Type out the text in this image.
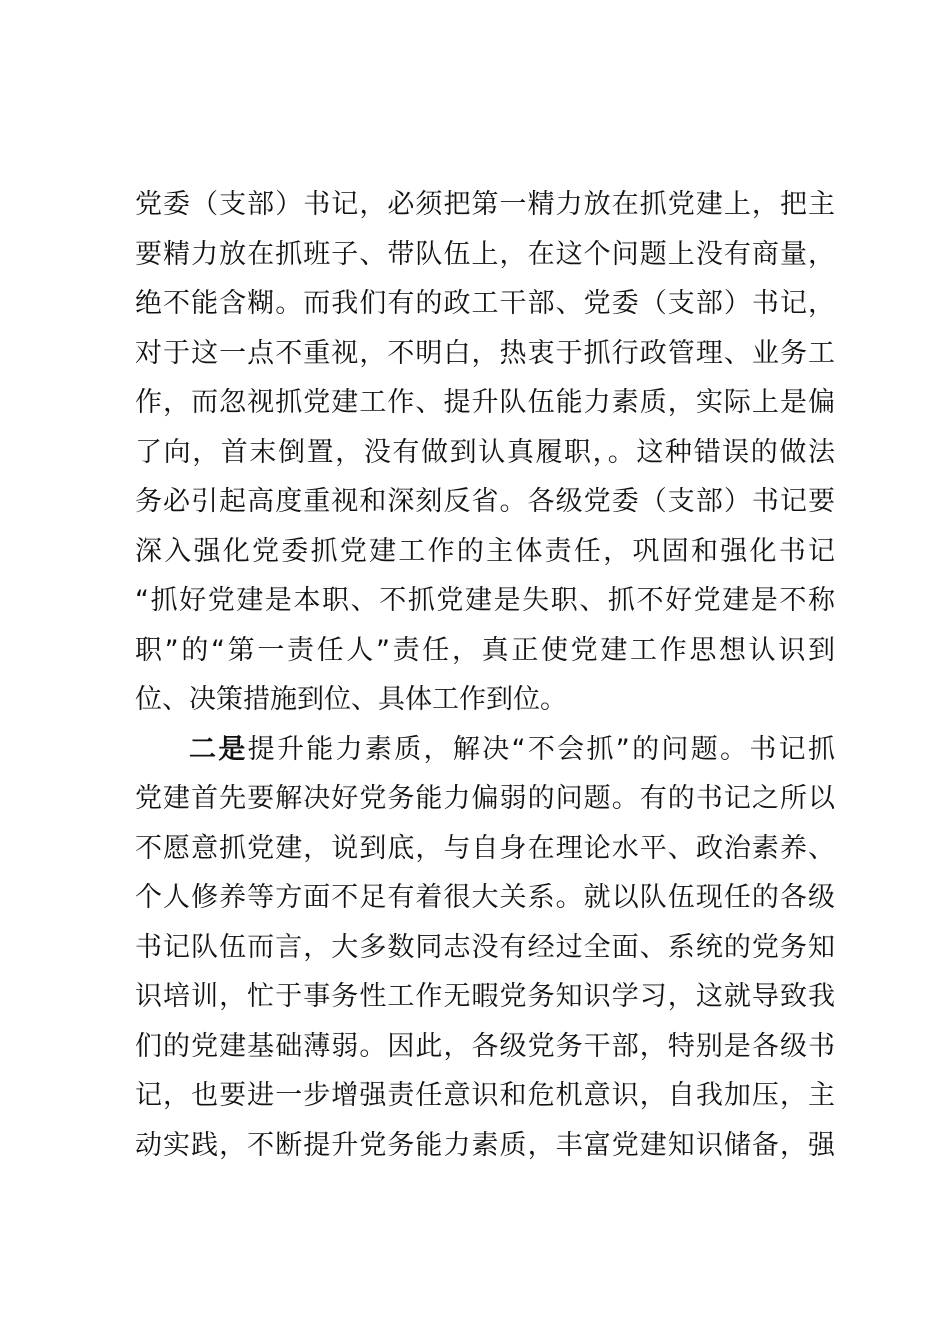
党委（支部）书记，必须把第一精力放在抓党建上，把主
要精力放在抓班子、带队伍上，在这个问题上没有商量，
绝不能含糊。而我们有的政工干部、党委（支部）书记，
对于这一点不重视，不明白，热衷于抓行政管理、业务工
作，而忽视抓党建工作、提升队伍能力素质，实际上是偏
了向，首末倒置，没有做到认真履职，。这种错误的做法
务必引起高度重视和深刻反省。各级党委（支部）书记要
深入强化党委抓党建工作的主体责任，巩固和强化书记
“抓好党建是本职、不抓党建是失职、抓不好党建是不称
职”的“第一责任人”责任，真正使党建工作思想认识到
位、决策措施到位、具体工作到位。
二是提升能力素质，解决“不会抓”的问题。书记抓
党建首先要解决好党务能力偏弱的问题。有的书记之所以
不愿意抓党建，说到底，与自身在理论水平、政治素养、
个人修养等方面不足有着很大关系。就以队伍现任的各级
书记队伍而言，大多数同志没有经过全面、系统的党务知
识培训，忙于事务性工作无暇党务知识学习，这就导致我
们的党建基础薄弱。因此，各级党务干部，特别是各级书
记，也要进一步增强责任意识和危机意识，自我加压，主
动实践，不断提升党务能力素质，丰富党建知识储备，强
